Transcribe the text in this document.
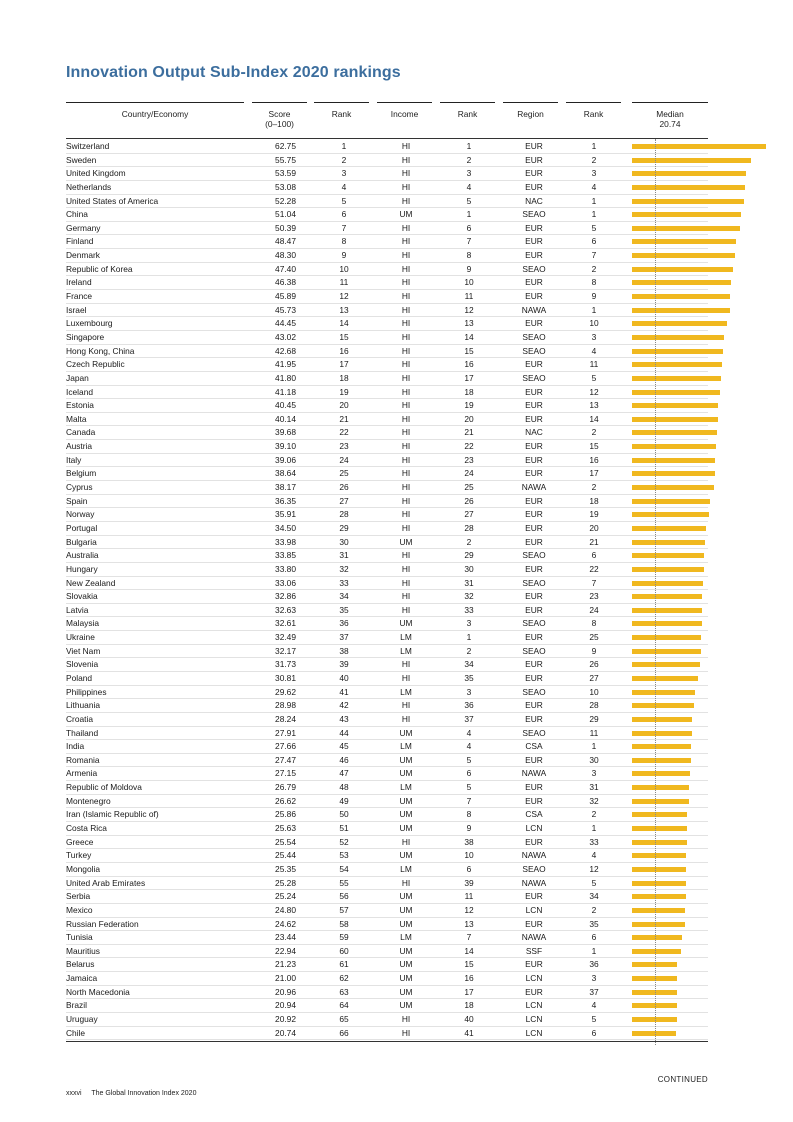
Innovation Output Sub-Index 2020 rankings
Country/Economy	Score
(0–100)
Rank	Income	Rank	Region	Rank	Median
20.74
Switzerland	62.75	1	HI	1	EUR	1
Sweden	55.75	2	HI	2	EUR	2
United Kingdom	53.59	3	HI	3	EUR	3
Netherlands	53.08	4	HI	4	EUR	4
United States of America	52.28	5	HI	5	NAC	1
China	51.04	6	UM	1	SEAO	1
Germany	50.39	7	HI	6	EUR	5
Finland	48.47	8	HI	7	EUR	6
Denmark	48.30	9	HI	8	EUR	7
Republic of Korea	47.40	10	HI	9	SEAO	2
Ireland	46.38	11	HI	10	EUR	8
France	45.89	12	HI	11	EUR	9
Israel	45.73	13	HI	12	NAWA	1
Luxembourg	44.45	14	HI	13	EUR	10
Singapore	43.02	15	HI	14	SEAO	3
Hong Kong, China	42.68	16	HI	15	SEAO	4
Czech Republic	41.95	17	HI	16	EUR	11
Japan	41.80	18	HI	17	SEAO	5
Iceland	41.18	19	HI	18	EUR	12
Estonia	40.45	20	HI	19	EUR	13
Malta	40.14	21	HI	20	EUR	14
Canada	39.68	22	HI	21	NAC	2
Austria	39.10	23	HI	22	EUR	15
Italy	39.06	24	HI	23	EUR	16
Belgium	38.64	25	HI	24	EUR	17
Cyprus	38.17	26	HI	25	NAWA	2
Spain	36.35	27	HI	26	EUR	18
Norway	35.91	28	HI	27	EUR	19
Portugal	34.50	29	HI	28	EUR	20
Bulgaria	33.98	30	UM	2	EUR	21
Australia	33.85	31	HI	29	SEAO	6
Hungary	33.80	32	HI	30	EUR	22
New Zealand	33.06	33	HI	31	SEAO	7
Slovakia	32.86	34	HI	32	EUR	23
Latvia	32.63	35	HI	33	EUR	24
Malaysia	32.61	36	UM	3	SEAO	8
Ukraine	32.49	37	LM	1	EUR	25
Viet Nam	32.17	38	LM	2	SEAO	9
Slovenia	31.73	39	HI	34	EUR	26
Poland	30.81	40	HI	35	EUR	27
Philippines	29.62	41	LM	3	SEAO	10
Lithuania	28.98	42	HI	36	EUR	28
Croatia	28.24	43	HI	37	EUR	29
Thailand	27.91	44	UM	4	SEAO	11
India	27.66	45	LM	4	CSA	1
Romania	27.47	46	UM	5	EUR	30
Armenia	27.15	47	UM	6	NAWA	3
Republic of Moldova	26.79	48	LM	5	EUR	31
Montenegro	26.62	49	UM	7	EUR	32
Iran (Islamic Republic of)	25.86	50	UM	8	CSA	2
Costa Rica	25.63	51	UM	9	LCN	1
Greece	25.54	52	HI	38	EUR	33
Turkey	25.44	53	UM	10	NAWA	4
Mongolia	25.35	54	LM	6	SEAO	12
United Arab Emirates	25.28	55	HI	39	NAWA	5
Serbia	25.24	56	UM	11	EUR	34
Mexico	24.80	57	UM	12	LCN	2
Russian Federation	24.62	58	UM	13	EUR	35
Tunisia	23.44	59	LM	7	NAWA	6
Mauritius	22.94	60	UM	14	SSF	1
Belarus	21.23	61	UM	15	EUR	36
Jamaica	21.00	62	UM	16	LCN	3
North Macedonia	20.96	63	UM	17	EUR	37
Brazil	20.94	64	UM	18	LCN	4
Uruguay	20.92	65	HI	40	LCN	5
Chile	20.74	66	HI	41	LCN	6
CONTINUED
xxxvi The Global Innovation Index 2020
